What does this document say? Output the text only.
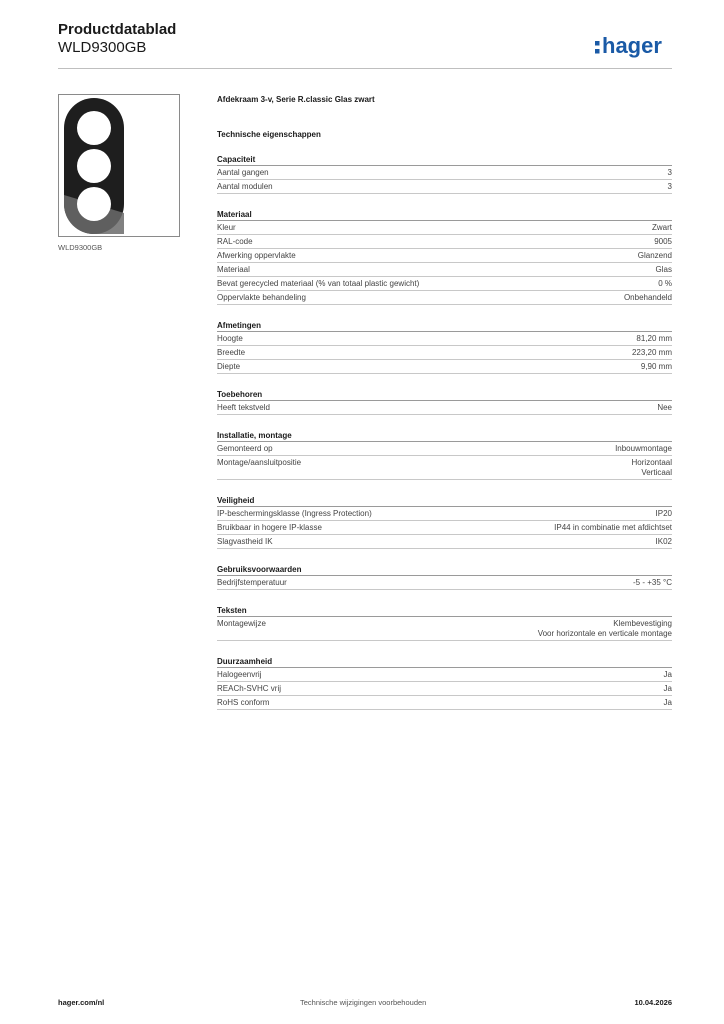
Productdatablad
WLD9300GB	hager
WLD9300GB
Afdekraam 3-v, Serie R.classic Glas zwart
Technische eigenschappen
Capaciteit
Aantal gangen	3
Aantal modulen	3
Materiaal
Kleur	Zwart
RAL-code	9005
Afwerking oppervlakte	Glanzend
Materiaal	Glas
Bevat gerecycled materiaal (% van totaal plastic gewicht)	0 %
Oppervlakte behandeling	Onbehandeld
Afmetingen
Hoogte	81,20 mm
Breedte	223,20 mm
Diepte	9,90 mm
Toebehoren
Heeft tekstveld	Nee
Installatie, montage
Gemonteerd op	Inbouwmontage
Montage/aansluitpositie	Horizontaal
Verticaal
Veiligheid
IP-beschermingsklasse (Ingress Protection)	IP20
Bruikbaar in hogere IP-klasse	IP44 in combinatie met afdichtset
Slagvastheid IK	IK02
Gebruiksvoorwaarden
Bedrijfstemperatuur	-5 - +35 °C
Teksten
Montagewijze	Klembevestiging
Voor horizontale en verticale montage
Duurzaamheid
Halogeenvrij	Ja
REACh-SVHC vrij	Ja
RoHS conform	Ja
hager.com/nl	Technische wijzigingen voorbehouden	10.04.2026
